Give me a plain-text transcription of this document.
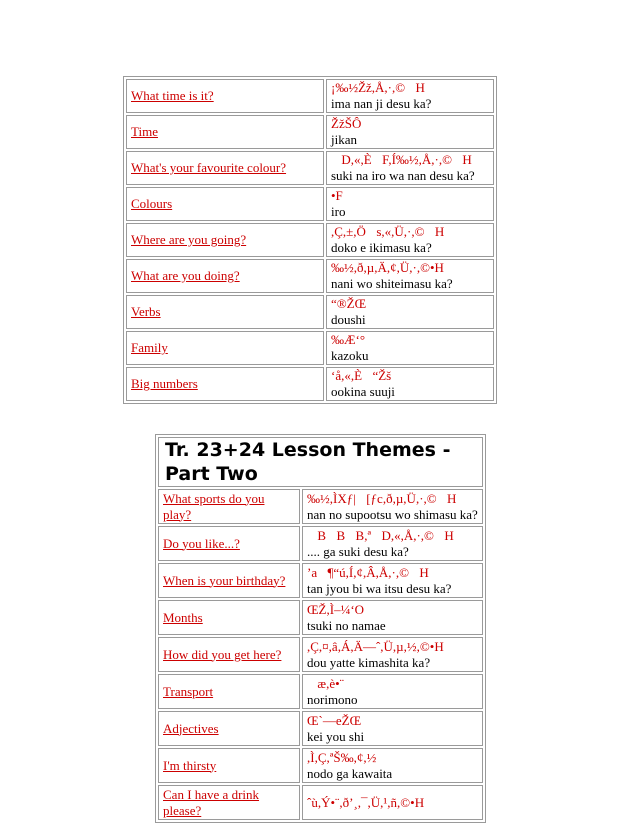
What time is it?	¡‰½Žž,Å,·,©H
ima nan ji desu ka?

Time	ŽžŠÔ
jikan

What's your favourite colour?	D,«,ÈF,Í‰½,Å,·,©H
suki na iro wa nan desu ka?

Colours	•F
iro

Where are you going?	,Ç,±,Ös,«,Ü,·,©H
doko e ikimasu ka?

What are you doing?	‰½,ð,µ,Ä,¢,Ü,·,©•H
nani wo shiteimasu ka?

Verbs	“®ŽŒ
doushi

Family	‰Æ‘°
kazoku

Big numbers	‘å,«,È“Žš
ookina suuji
Tr. 23+24 Lesson Themes - Part Two	
What sports do you play?	‰½,ÌXƒ|[ƒc,ð,µ,Ü,·,©H
nan no supootsu wo shimasu ka?

Do you like...?	BBB,ªD,«,Å,·,©H
.... ga suki desu ka?

When is your birthday?	’a¶“ú,Í,¢,Â,Å,·,©H
tan jyou bi wa itsu desu ka?

Months	ŒŽ,Ì–¼‘O
tsuki no namae

How did you get here?	,Ç,¤,â,Á,Ä—ˆ,Ü,µ,½,©•H
dou yatte kimashita ka?

Transport	æ,è•¨
norimono

Adjectives	Œ`—eŽŒ
kei you shi

I'm thirsty	,Ì,Ç,ªŠ‰,¢,½
nodo ga kawaita

Can I have a drink please?	ˆù,Ý•¨,ð’¸,¯,Ü,¹,ñ,©•H
